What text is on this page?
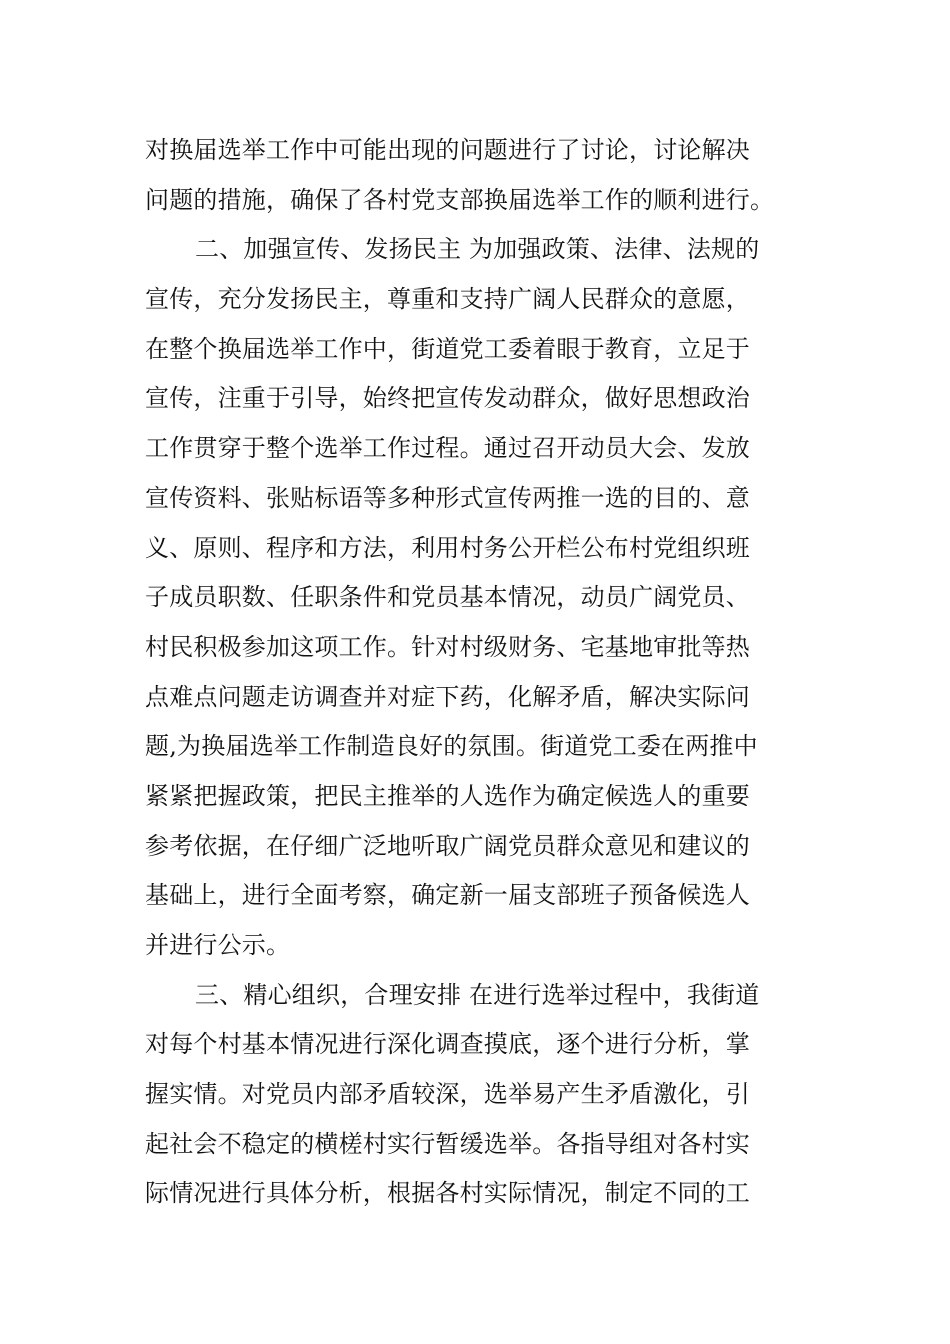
对换届选举工作中可能出现的问题进行了讨论，讨论解决
问题的措施，确保了各村党支部换届选举工作的顺利进行。
二、加强宣传、发扬民主 为加强政策、法律、法规的
宣传，充分发扬民主，尊重和支持广阔人民群众的意愿，
在整个换届选举工作中，街道党工委着眼于教育，立足于
宣传，注重于引导，始终把宣传发动群众，做好思想政治
工作贯穿于整个选举工作过程。通过召开动员大会、发放
宣传资料、张贴标语等多种形式宣传两推一选的目的、意
义、原则、程序和方法，利用村务公开栏公布村党组织班
子成员职数、任职条件和党员基本情况，动员广阔党员、
村民积极参加这项工作。针对村级财务、宅基地审批等热
点难点问题走访调查并对症下药，化解矛盾，解决实际问
题,为换届选举工作制造良好的氛围。街道党工委在两推中
紧紧把握政策，把民主推举的人选作为确定候选人的重要
参考依据，在仔细广泛地听取广阔党员群众意见和建议的
基础上，进行全面考察，确定新一届支部班子预备候选人
并进行公示。
三、精心组织，合理安排 在进行选举过程中，我街道
对每个村基本情况进行深化调查摸底，逐个进行分析，掌
握实情。对党员内部矛盾较深，选举易产生矛盾激化，引
起社会不稳定的横槎村实行暂缓选举。各指导组对各村实
际情况进行具体分析，根据各村实际情况，制定不同的工
